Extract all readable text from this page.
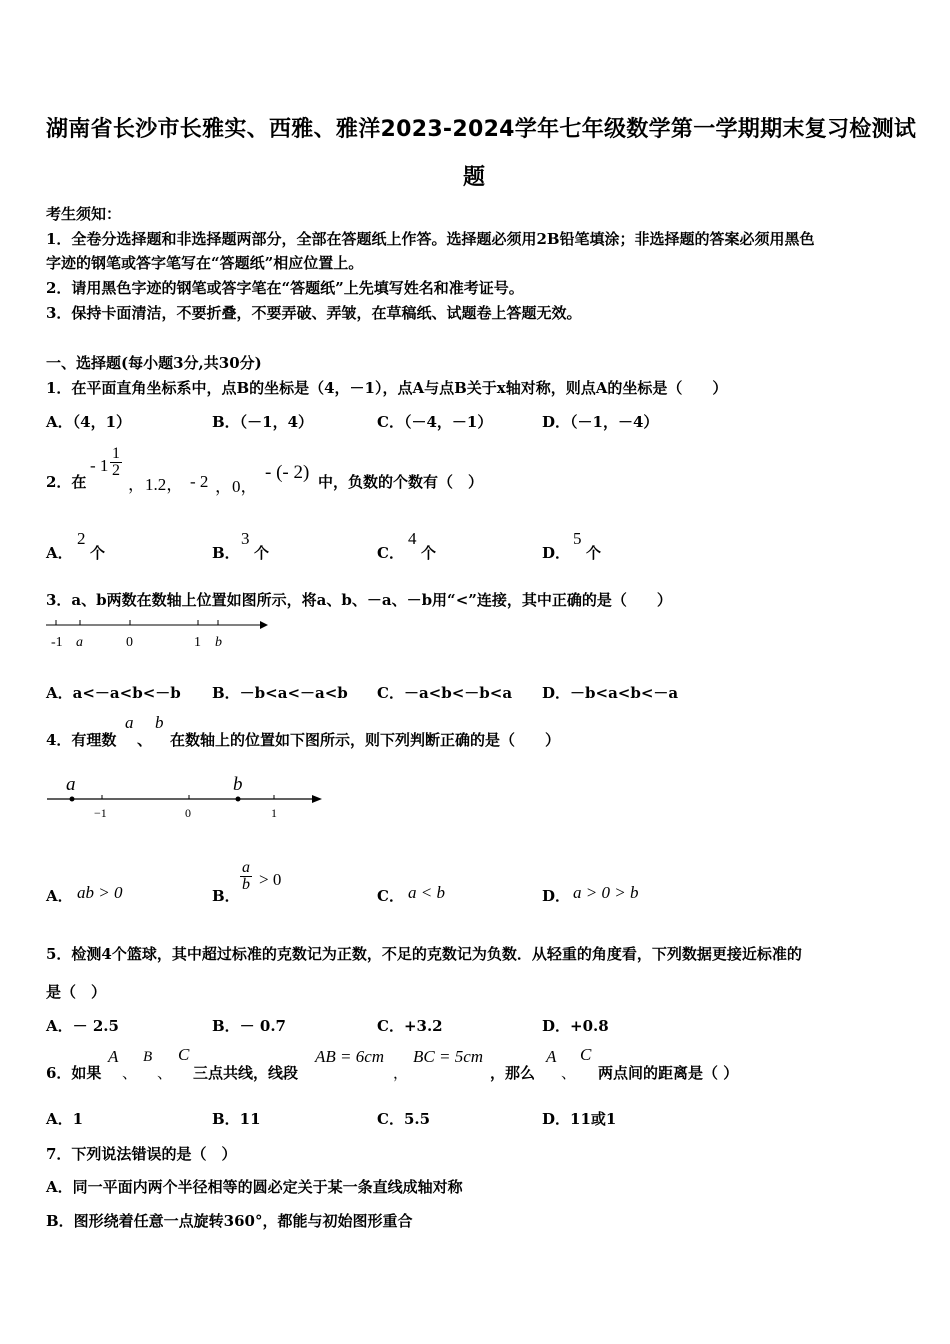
湖南省长沙市长雅实、西雅、雅洋2023-2024学年七年级数学第一学期期末复习检测试
题
考生须知：
1．全卷分选择题和非选择题两部分，全部在答题纸上作答。选择题必须用2B铅笔填涂；非选择题的答案必须用黑色
字迹的钢笔或答字笔写在“答题纸”相应位置上。
2．请用黑色字迹的钢笔或答字笔在“答题纸”上先填写姓名和准考证号。
3．保持卡面清洁，不要折叠，不要弄破、弄皱，在草稿纸、试题卷上答题无效。
一、选择题(每小题3分,共30分)
1．在平面直角坐标系中，点B的坐标是（4，－1），点A与点B关于x轴对称，则点A的坐标是（　　）
A．（4，1）	B．（－1，4）	C．（－4，－1）	D．（－1，－4）
2．在
- $1 \frac{1}{2}$
，1.2， - 2 ，0，
- (- 2) 中，负数的个数有（　）
A．
2
个	B．
3
个	C．
4
个	D．
5
个
3．a、b两数在数轴上位置如图所示，将a、b、－a、－b用“<”连接，其中正确的是（　　）
-1 a	0	1 b
A．a<－a<b<－b B．－b<a<－a<b C．－a<b<－b<a D．－b<a<b<－a
4．有理数
a
、
b
在数轴上的位置如下图所示，则下列判断正确的是（　　）
a	b
−1	0	1
A． ab > 0	B．
$\frac{a}{b} > 0$
C． a < b	D． a > 0 > b
5．检测4个篮球，其中超过标准的克数记为正数，不足的克数记为负数．从轻重的角度看，下列数据更接近标准的
是（　）
A．－ 2.5	B．－ 0.7	C．+3.2	D．+0.8
6．如果
A
、
B
、
C
三点共线，线段
AB = 6cm
，
BC = 5cm
，那么
A
、
C
两点间的距离是（ ）
A．1	B．11	C．5.5	D．11或1
7．下列说法错误的是（　）
A．同一平面内两个半径相等的圆必定关于某一条直线成轴对称
B．图形绕着任意一点旋转360°，都能与初始图形重合
